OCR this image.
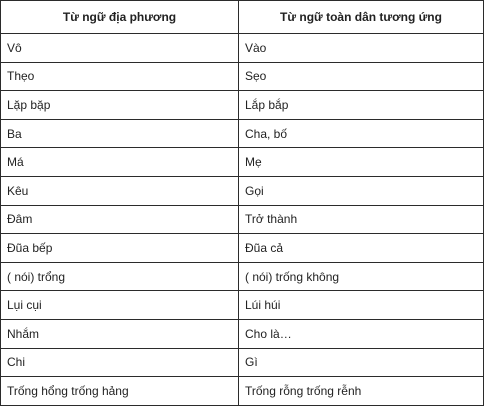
Từ ngữ địa phương	Từ ngữ toàn dân tương ứng
Vô	Vào
Thẹo	Sẹo
Lặp bặp	Lắp bắp
Ba	Cha, bố
Má	Mẹ
Kêu	Gọi
Đâm	Trở thành
Đũa bếp	Đũa cả
( nói) trổng	( nói) trống không
Lụi cụi	Lúi húi
Nhắm	Cho là…
Chi	Gì
Trống hổng trống hảng	Trống rỗng trống rễnh
